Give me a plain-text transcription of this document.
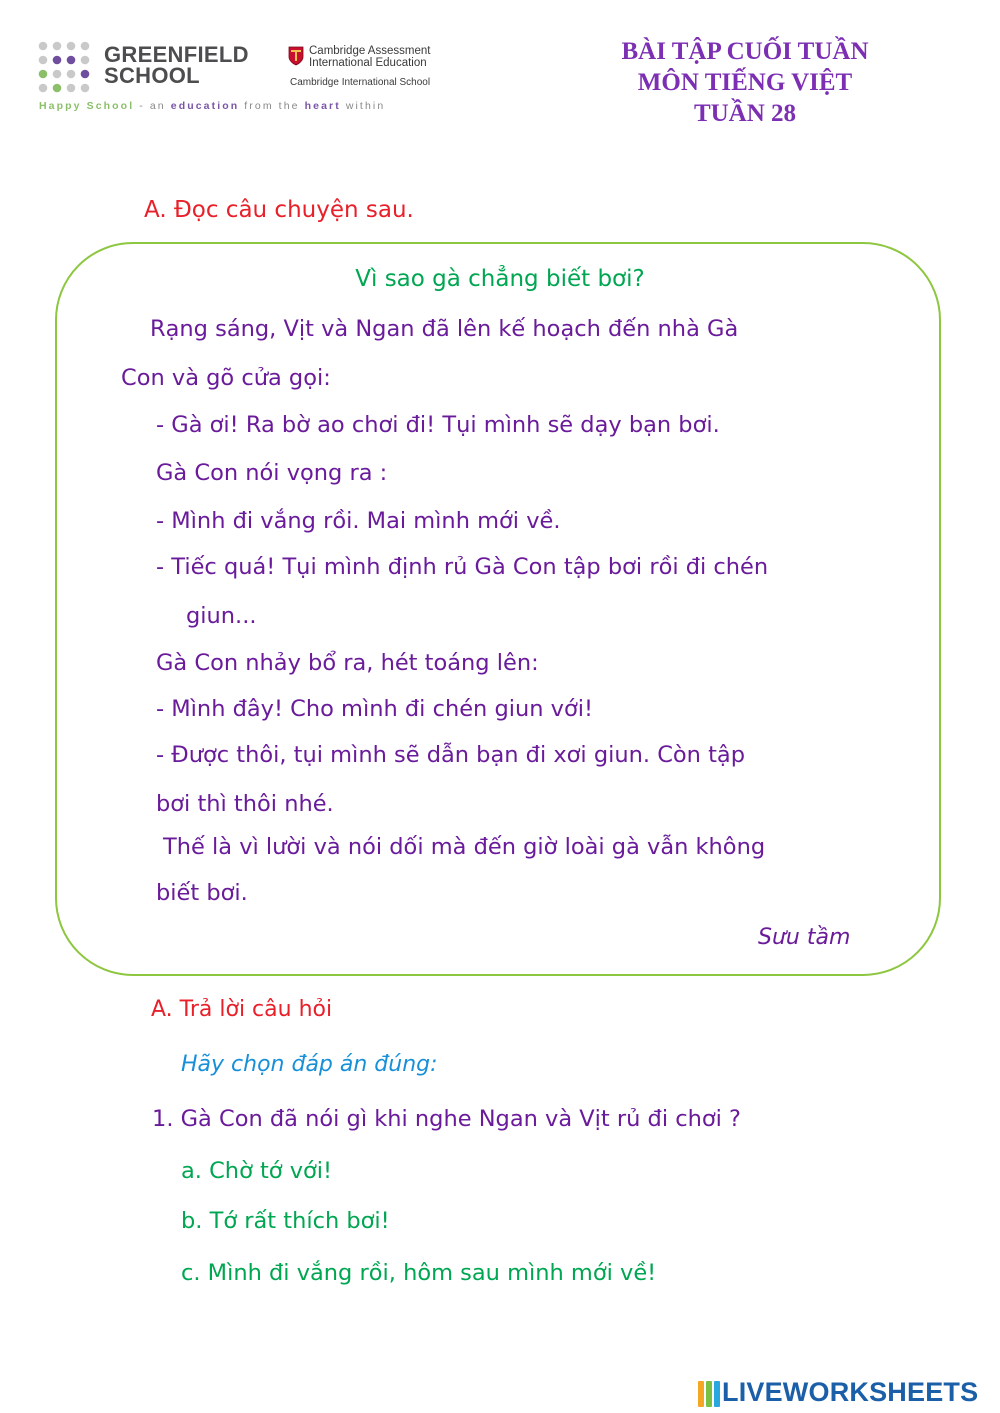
GREENFIELD
SCHOOL
Cambridge Assessment
International Education
Cambridge International School
Happy School - an education from the heart within
BÀI TẬP CUỐI TUẦN
MÔN TIẾNG VIỆT
TUẦN 28
A. Đọc câu chuyện sau.
Vì sao gà chẳng biết bơi?
Rạng sáng, Vịt và Ngan đã lên kế hoạch đến nhà Gà
Con và gõ cửa gọi:
- Gà ơi! Ra bờ ao chơi đi! Tụi mình sẽ dạy bạn bơi.
Gà Con nói vọng ra :
- Mình đi vắng rồi. Mai mình mới về.
- Tiếc quá! Tụi mình định rủ Gà Con tập bơi rồi đi chén
giun...
Gà Con nhảy bổ ra, hét toáng lên:
- Mình đây! Cho mình đi chén giun với!
- Được thôi, tụi mình sẽ dẫn bạn đi xơi giun. Còn tập
bơi thì thôi nhé.
Thế là vì lười và nói dối mà đến giờ loài gà vẫn không
biết bơi.
Sưu tầm
A. Trả lời câu hỏi
Hãy chọn đáp án đúng:
1. Gà Con đã nói gì khi nghe Ngan và Vịt rủ đi chơi ?
a. Chờ tớ với!
b. Tớ rất thích bơi!
c. Mình đi vắng rồi, hôm sau mình mới về!
LIVEWORKSHEETS
